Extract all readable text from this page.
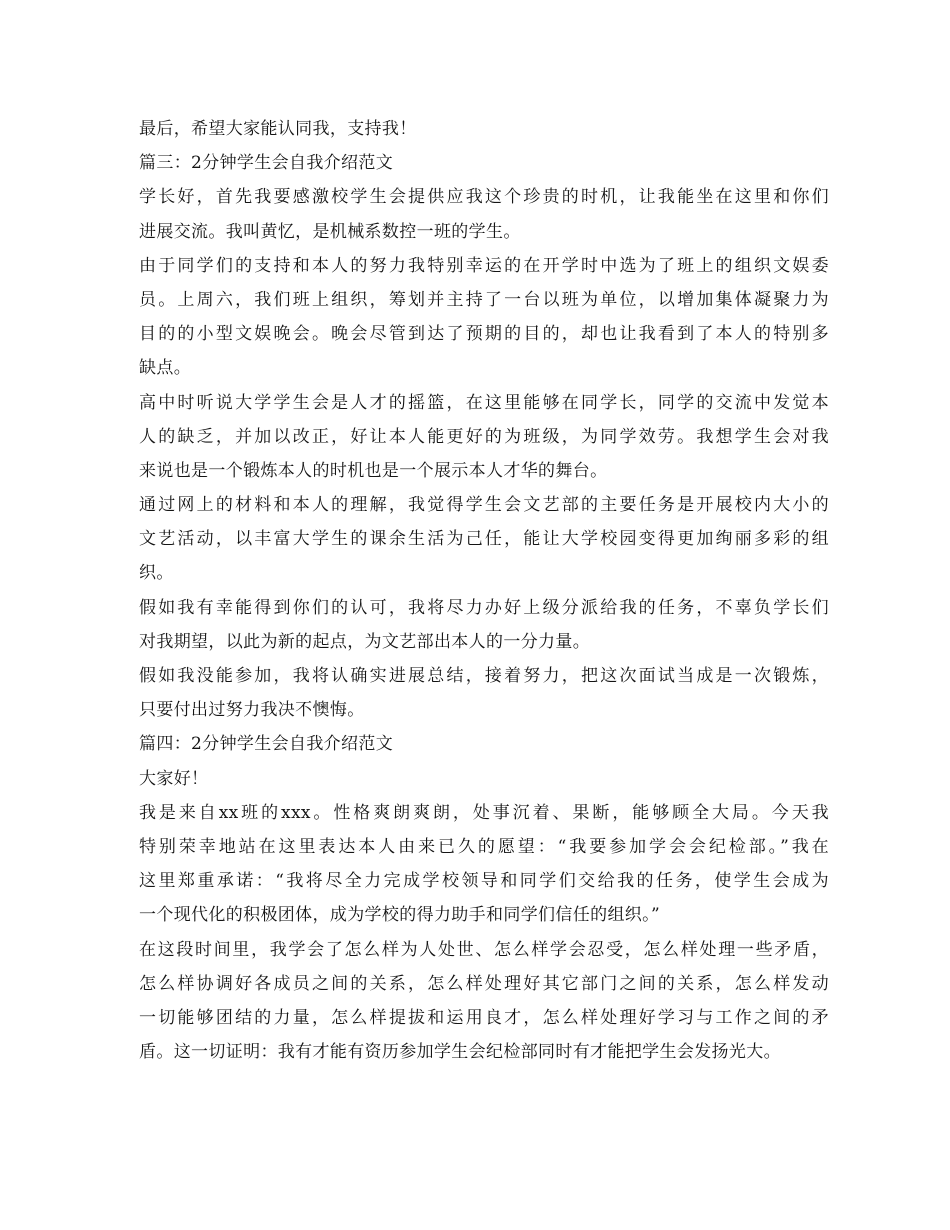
最后，希望大家能认同我，支持我！
篇三：2分钟学生会自我介绍范文
学长好，首先我要感激校学生会提供应我这个珍贵的时机，让我能坐在这里和你们
进展交流。我叫黄忆，是机械系数控一班的学生。
由于同学们的支持和本人的努力我特别幸运的在开学时中选为了班上的组织文娱委
员。上周六，我们班上组织，筹划并主持了一台以班为单位，以增加集体凝聚力为
目的的小型文娱晚会。晚会尽管到达了预期的目的，却也让我看到了本人的特别多
缺点。
高中时听说大学学生会是人才的摇篮，在这里能够在同学长，同学的交流中发觉本
人的缺乏，并加以改正，好让本人能更好的为班级，为同学效劳。我想学生会对我
来说也是一个锻炼本人的时机也是一个展示本人才华的舞台。
通过网上的材料和本人的理解，我觉得学生会文艺部的主要任务是开展校内大小的
文艺活动，以丰富大学生的课余生活为己任，能让大学校园变得更加绚丽多彩的组
织。
假如我有幸能得到你们的认可，我将尽力办好上级分派给我的任务，不辜负学长们
对我期望，以此为新的起点，为文艺部出本人的一分力量。
假如我没能参加，我将认确实进展总结，接着努力，把这次面试当成是一次锻炼，
只要付出过努力我决不懊悔。
篇四：2分钟学生会自我介绍范文
大家好！
我是来自xx班的xxx。性格爽朗爽朗，处事沉着、果断，能够顾全大局。今天我
特别荣幸地站在这里表达本人由来已久的愿望：“我要参加学会会纪检部。”我在
这里郑重承诺：“我将尽全力完成学校领导和同学们交给我的任务，使学生会成为
一个现代化的积极团体，成为学校的得力助手和同学们信任的组织。”
在这段时间里，我学会了怎么样为人处世、怎么样学会忍受，怎么样处理一些矛盾，
怎么样协调好各成员之间的关系，怎么样处理好其它部门之间的关系，怎么样发动
一切能够团结的力量，怎么样提拔和运用良才，怎么样处理好学习与工作之间的矛
盾。这一切证明：我有才能有资历参加学生会纪检部同时有才能把学生会发扬光大。
